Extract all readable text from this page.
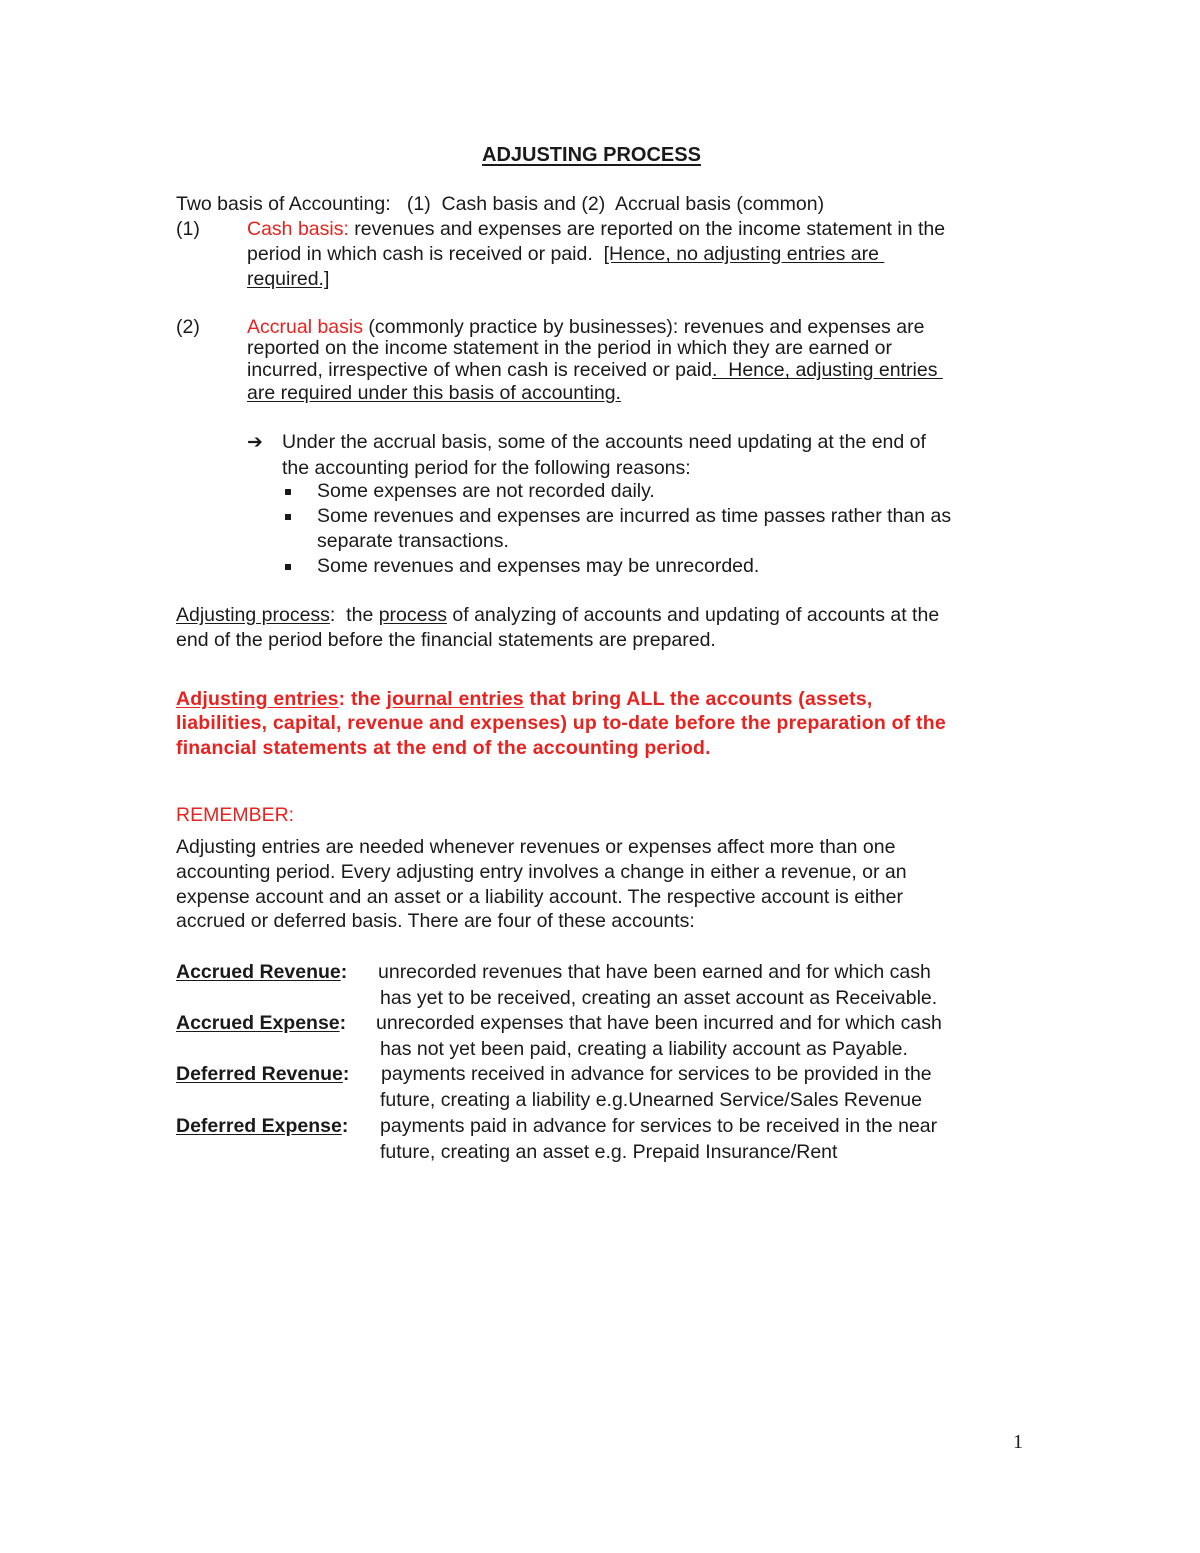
ADJUSTING PROCESS
Two basis of Accounting:   (1)  Cash basis and (2)  Accrual basis (common)
(1) Cash basis: revenues and expenses are reported on the income statement in the
period in which cash is received or paid.  [Hence, no adjusting entries are
required.]
(2) Accrual basis (commonly practice by businesses): revenues and expenses are
reported on the income statement in the period in which they are earned or
incurred, irrespective of when cash is received or paid.  Hence, adjusting entries
are required under this basis of accounting.
➔ Under the accrual basis, some of the accounts need updating at the end of
the accounting period for the following reasons:
Some expenses are not recorded daily.
Some revenues and expenses are incurred as time passes rather than as
separate transactions.
Some revenues and expenses may be unrecorded.
Adjusting process:  the process of analyzing of accounts and updating of accounts at the
end of the period before the financial statements are prepared.
Adjusting entries: the journal entries that bring ALL the accounts (assets,
liabilities, capital, revenue and expenses) up to-date before the preparation of the
financial statements at the end of the accounting period.
REMEMBER:
Adjusting entries are needed whenever revenues or expenses affect more than one
accounting period. Every adjusting entry involves a change in either a revenue, or an
expense account and an asset or a liability account. The respective account is either
accrued or deferred basis. There are four of these accounts:
Accrued Revenue: unrecorded revenues that have been earned and for which cash
has yet to be received, creating an asset account as Receivable.
Accrued Expense: unrecorded expenses that have been incurred and for which cash
has not yet been paid, creating a liability account as Payable.
Deferred Revenue: payments received in advance for services to be provided in the
future, creating a liability e.g.Unearned Service/Sales Revenue
Deferred Expense: payments paid in advance for services to be received in the near
future, creating an asset e.g. Prepaid Insurance/Rent
1
